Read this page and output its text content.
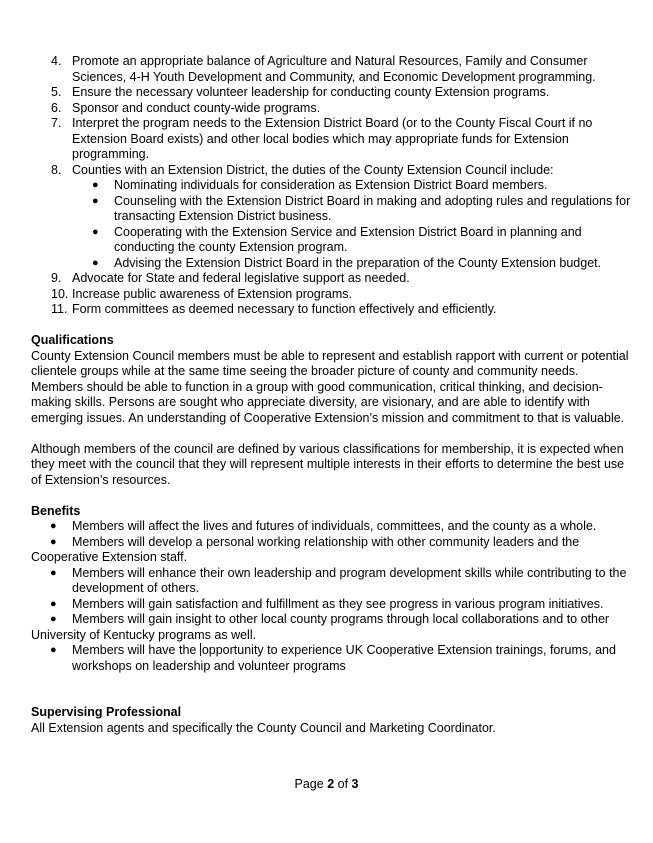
4. Promote an appropriate balance of Agriculture and Natural Resources, Family and Consumer Sciences, 4-H Youth Development and Community, and Economic Development programming.
5. Ensure the necessary volunteer leadership for conducting county Extension programs.
6. Sponsor and conduct county-wide programs.
7. Interpret the program needs to the Extension District Board (or to the County Fiscal Court if no Extension Board exists) and other local bodies which may appropriate funds for Extension programming.
8. Counties with an Extension District, the duties of the County Extension Council include:
● Nominating individuals for consideration as Extension District Board members.
● Counseling with the Extension District Board in making and adopting rules and regulations for transacting Extension District business.
● Cooperating with the Extension Service and Extension District Board in planning and conducting the county Extension program.
● Advising the Extension District Board in the preparation of the County Extension budget.
9. Advocate for State and federal legislative support as needed.
10. Increase public awareness of Extension programs.
11. Form committees as deemed necessary to function effectively and efficiently.
Qualifications

County Extension Council members must be able to represent and establish rapport with current or potential clientele groups while at the same time seeing the broader picture of county and community needs. Members should be able to function in a group with good communication, critical thinking, and decision-making skills. Persons are sought who appreciate diversity, are visionary, and are able to identify with emerging issues. An understanding of Cooperative Extension’s mission and commitment to that is valuable.

Although members of the council are defined by various classifications for membership, it is expected when they meet with the council that they will represent multiple interests in their efforts to determine the best use of Extension’s resources.

Benefits
● Members will affect the lives and futures of individuals, committees, and the county as a whole.
● Members will develop a personal working relationship with other community leaders and the
Cooperative Extension staff.
● Members will enhance their own leadership and program development skills while contributing to the development of others.
● Members will gain satisfaction and fulfillment as they see progress in various program initiatives.
● Members will gain insight to other local county programs through local collaborations and to other
University of Kentucky programs as well.
● Members will have the opportunity to experience UK Cooperative Extension trainings, forums, and workshops on leadership and volunteer programs
Supervising Professional

All Extension agents and specifically the County Council and Marketing Coordinator.

Page 2 of 3
